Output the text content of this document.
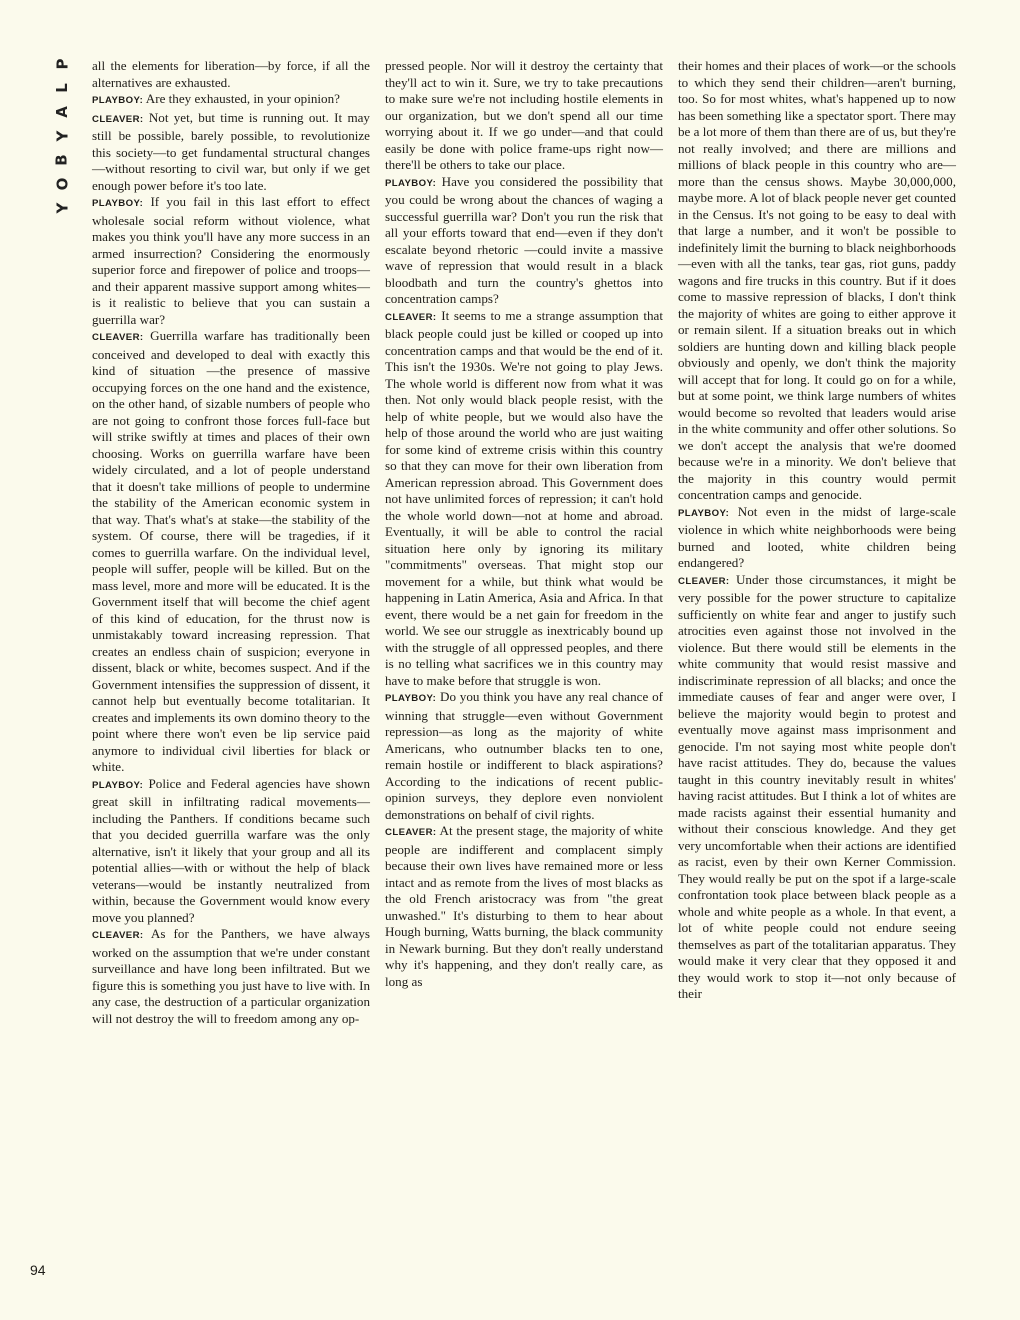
P
L
A
Y
B
O
Y

all the elements for liberation—by force, if all the alternatives are exhausted.

PLAYBOY: Are they exhausted, in your opinion?

CLEAVER: Not yet, but time is running out. It may still be possible, barely possible, to revolutionize this society—to get fundamental structural changes—without resorting to civil war, but only if we get enough power before it's too late.

PLAYBOY: If you fail in this last effort to effect wholesale social reform without violence, what makes you think you'll have any more success in an armed insurrection? Considering the enormously superior force and firepower of police and troops—and their apparent massive support among whites—is it realistic to believe that you can sustain a guerrilla war?

CLEAVER: Guerrilla warfare has traditionally been conceived and developed to deal with exactly this kind of situation —the presence of massive occupying forces on the one hand and the existence, on the other hand, of sizable numbers of people who are not going to confront those forces full-face but will strike swiftly at times and places of their own choosing. Works on guerrilla warfare have been widely circulated, and a lot of people understand that it doesn't take millions of people to undermine the stability of the American economic system in that way. That's what's at stake—the stability of the system. Of course, there will be tragedies, if it comes to guerrilla warfare. On the individual level, people will suffer, people will be killed. But on the mass level, more and more will be educated. It is the Government itself that will become the chief agent of this kind of education, for the thrust now is unmistakably toward increasing repression. That creates an endless chain of suspicion; everyone in dissent, black or white, becomes suspect. And if the Government intensifies the suppression of dissent, it cannot help but eventually become totalitarian. It creates and implements its own domino theory to the point where there won't even be lip service paid anymore to individual civil liberties for black or white.

PLAYBOY: Police and Federal agencies have shown great skill in infiltrating radical movements—including the Panthers. If conditions became such that you decided guerrilla warfare was the only alternative, isn't it likely that your group and all its potential allies—with or without the help of black veterans—would be instantly neutralized from within, because the Government would know every move you planned?

CLEAVER: As for the Panthers, we have always worked on the assumption that we're under constant surveillance and have long been infiltrated. But we figure this is something you just have to live with. In any case, the destruction of a particular organization will not destroy the will to freedom among any op-

pressed people. Nor will it destroy the certainty that they'll act to win it. Sure, we try to take precautions to make sure we're not including hostile elements in our organization, but we don't spend all our time worrying about it. If we go under—and that could easily be done with police frame-ups right now—there'll be others to take our place.

PLAYBOY: Have you considered the possibility that you could be wrong about the chances of waging a successful guerrilla war? Don't you run the risk that all your efforts toward that end—even if they don't escalate beyond rhetoric —could invite a massive wave of repression that would result in a black bloodbath and turn the country's ghettos into concentration camps?

CLEAVER: It seems to me a strange assumption that black people could just be killed or cooped up into concentration camps and that would be the end of it. This isn't the 1930s. We're not going to play Jews. The whole world is different now from what it was then. Not only would black people resist, with the help of white people, but we would also have the help of those around the world who are just waiting for some kind of extreme crisis within this country so that they can move for their own liberation from American repression abroad. This Government does not have unlimited forces of repression; it can't hold the whole world down—not at home and abroad. Eventually, it will be able to control the racial situation here only by ignoring its military "commitments" overseas. That might stop our movement for a while, but think what would be happening in Latin America, Asia and Africa. In that event, there would be a net gain for freedom in the world. We see our struggle as inextricably bound up with the struggle of all oppressed peoples, and there is no telling what sacrifices we in this country may have to make before that struggle is won.

PLAYBOY: Do you think you have any real chance of winning that struggle—even without Government repression—as long as the majority of white Americans, who outnumber blacks ten to one, remain hostile or indifferent to black aspirations? According to the indications of recent public-opinion surveys, they deplore even nonviolent demonstrations on behalf of civil rights.

CLEAVER: At the present stage, the majority of white people are indifferent and complacent simply because their own lives have remained more or less intact and as remote from the lives of most blacks as the old French aristocracy was from "the great unwashed." It's disturbing to them to hear about Hough burning, Watts burning, the black community in Newark burning. But they don't really understand why it's happening, and they don't really care, as long as

their homes and their places of work—or the schools to which they send their children—aren't burning, too. So for most whites, what's happened up to now has been something like a spectator sport. There may be a lot more of them than there are of us, but they're not really involved; and there are millions and millions of black people in this country who are—more than the census shows. Maybe 30,000,000, maybe more. A lot of black people never get counted in the Census. It's not going to be easy to deal with that large a number, and it won't be possible to indefinitely limit the burning to black neighborhoods—even with all the tanks, tear gas, riot guns, paddy wagons and fire trucks in this country. But if it does come to massive repression of blacks, I don't think the majority of whites are going to either approve it or remain silent. If a situation breaks out in which soldiers are hunting down and killing black people obviously and openly, we don't think the majority will accept that for long. It could go on for a while, but at some point, we think large numbers of whites would become so revolted that leaders would arise in the white community and offer other solutions. So we don't accept the analysis that we're doomed because we're in a minority. We don't believe that the majority in this country would permit concentration camps and genocide.

PLAYBOY: Not even in the midst of large-scale violence in which white neighborhoods were being burned and looted, white children being endangered?

CLEAVER: Under those circumstances, it might be very possible for the power structure to capitalize sufficiently on white fear and anger to justify such atrocities even against those not involved in the violence. But there would still be elements in the white community that would resist massive and indiscriminate repression of all blacks; and once the immediate causes of fear and anger were over, I believe the majority would begin to protest and eventually move against mass imprisonment and genocide. I'm not saying most white people don't have racist attitudes. They do, because the values taught in this country inevitably result in whites' having racist attitudes. But I think a lot of whites are made racists against their essential humanity and without their conscious knowledge. And they get very uncomfortable when their actions are identified as racist, even by their own Kerner Commission. They would really be put on the spot if a large-scale confrontation took place between black people as a whole and white people as a whole. In that event, a lot of white people could not endure seeing themselves as part of the totalitarian apparatus. They would make it very clear that they opposed it and they would work to stop it—not only because of their

94
